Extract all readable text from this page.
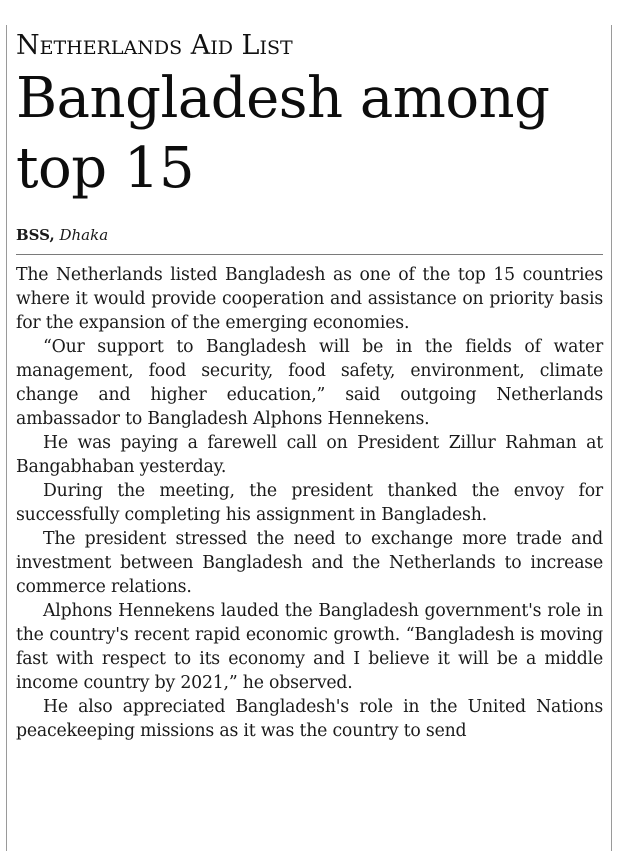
Netherlands Aid List
Bangladesh among top 15
BSS, Dhaka

The Netherlands listed Bangladesh as one of the top 15 countries where it would provide cooperation and assistance on priority basis for the expansion of the emerging economies.

“Our support to Bangladesh will be in the fields of water management, food security, food safety, environment, climate change and higher education,” said outgoing Netherlands ambassador to Bangladesh Alphons Hennekens.

He was paying a farewell call on President Zillur Rahman at Bangabhaban yesterday.

During the meeting, the president thanked the envoy for successfully completing his assignment in Bangladesh.

The president stressed the need to exchange more trade and investment between Bangladesh and the Netherlands to increase commerce relations.

Alphons Hennekens lauded the Bangladesh government's role in the country's recent rapid economic growth. “Bangladesh is moving fast with respect to its economy and I believe it will be a middle income country by 2021,” he observed.

He also appreciated Bangladesh's role in the United Nations peacekeeping missions as it was the country to send
